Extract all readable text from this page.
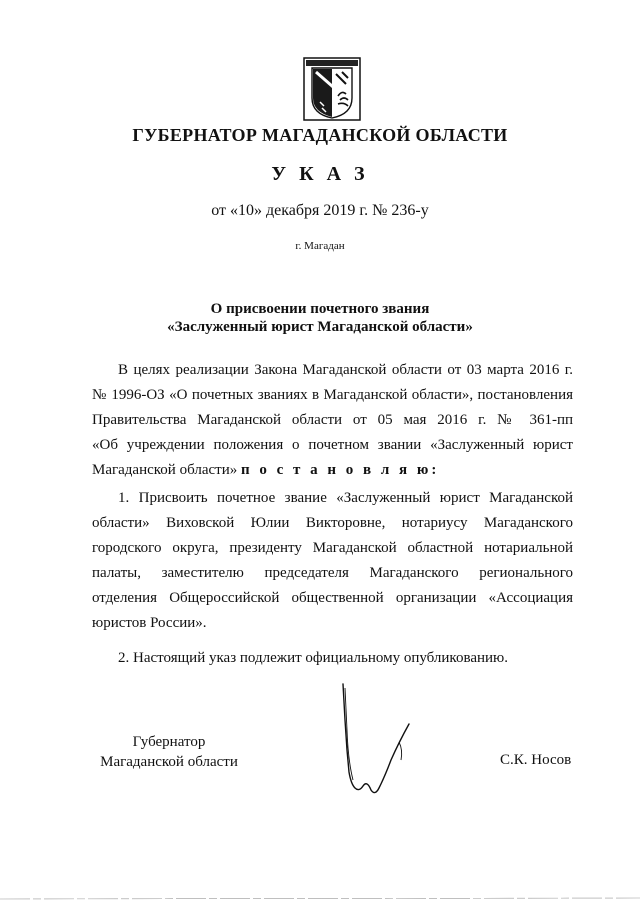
ГУБЕРНАТОР МАГАДАНСКОЙ ОБЛАСТИ
У К А З
от «10» декабря 2019 г. № 236-у
г. Магадан
О присвоении почетного звания
«Заслуженный юрист Магаданской области»
В целях реализации Закона Магаданской области от 03 марта 2016 г.
№ 1996-ОЗ «О почетных званиях в Магаданской области», постановления
Правительства Магаданской области от 05 мая 2016 г. № 361-пп
«Об учреждении положения о почетном звании «Заслуженный юрист
Магаданской области» п о с т а н о в л я ю:
1. Присвоить почетное звание «Заслуженный юрист Магаданской
области» Виховской Юлии Викторовне, нотариусу Магаданского
городского округа, президенту Магаданской областной нотариальной
палаты, заместителю председателя Магаданского регионального
отделения Общероссийской общественной организации «Ассоциация
юристов России».
2. Настоящий указ подлежит официальному опубликованию.
Губернатор
Магаданской области	С.К. Носов
